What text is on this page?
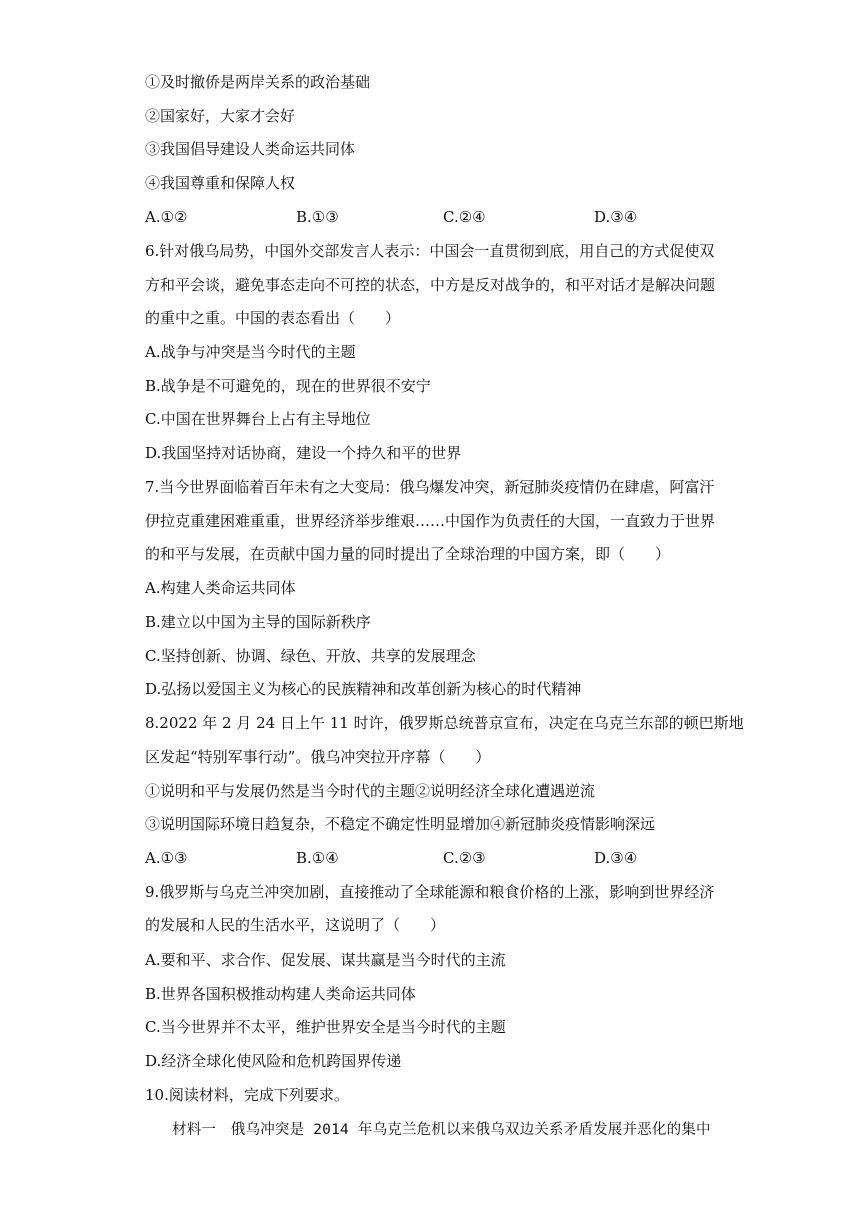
①及时撤侨是两岸关系的政治基础
②国家好，大家才会好
③我国倡导建设人类命运共同体
④我国尊重和保障人权
A.①②	B.①③	C.②④	D.③④
6.针对俄乌局势，中国外交部发言人表示：中国会一直贯彻到底，用自己的方式促使双
方和平会谈，避免事态走向不可控的状态，中方是反对战争的，和平对话才是解决问题
的重中之重。中国的表态看出（　　）
A.战争与冲突是当今时代的主题
B.战争是不可避免的，现在的世界很不安宁
C.中国在世界舞台上占有主导地位
D.我国坚持对话协商，建设一个持久和平的世界
7.当今世界面临着百年未有之大变局：俄乌爆发冲突，新冠肺炎疫情仍在肆虐，阿富汗
伊拉克重建困难重重，世界经济举步维艰……中国作为负责任的大国，一直致力于世界
的和平与发展，在贡献中国力量的同时提出了全球治理的中国方案，即（　　）
A.构建人类命运共同体
B.建立以中国为主导的国际新秩序
C.坚持创新、协调、绿色、开放、共享的发展理念
D.弘扬以爱国主义为核心的民族精神和改革创新为核心的时代精神
8.2022 年 2 月 24 日上午 11 时许，俄罗斯总统普京宣布，决定在乌克兰东部的顿巴斯地
区发起“特别军事行动”。俄乌冲突拉开序幕（　　）
①说明和平与发展仍然是当今时代的主题②说明经济全球化遭遇逆流
③说明国际环境日趋复杂，不稳定不确定性明显增加④新冠肺炎疫情影响深远
A.①③	B.①④	C.②③	D.③④
9.俄罗斯与乌克兰冲突加剧，直接推动了全球能源和粮食价格的上涨，影响到世界经济
的发展和人民的生活水平，这说明了（　　）
A.要和平、求合作、促发展、谋共赢是当今时代的主流
B.世界各国积极推动构建人类命运共同体
C.当今世界并不太平，维护世界安全是当今时代的主题
D.经济全球化使风险和危机跨国界传递
10.阅读材料，完成下列要求。
材料一　俄乌冲突是 2014 年乌克兰危机以来俄乌双边关系矛盾发展并恶化的集中
